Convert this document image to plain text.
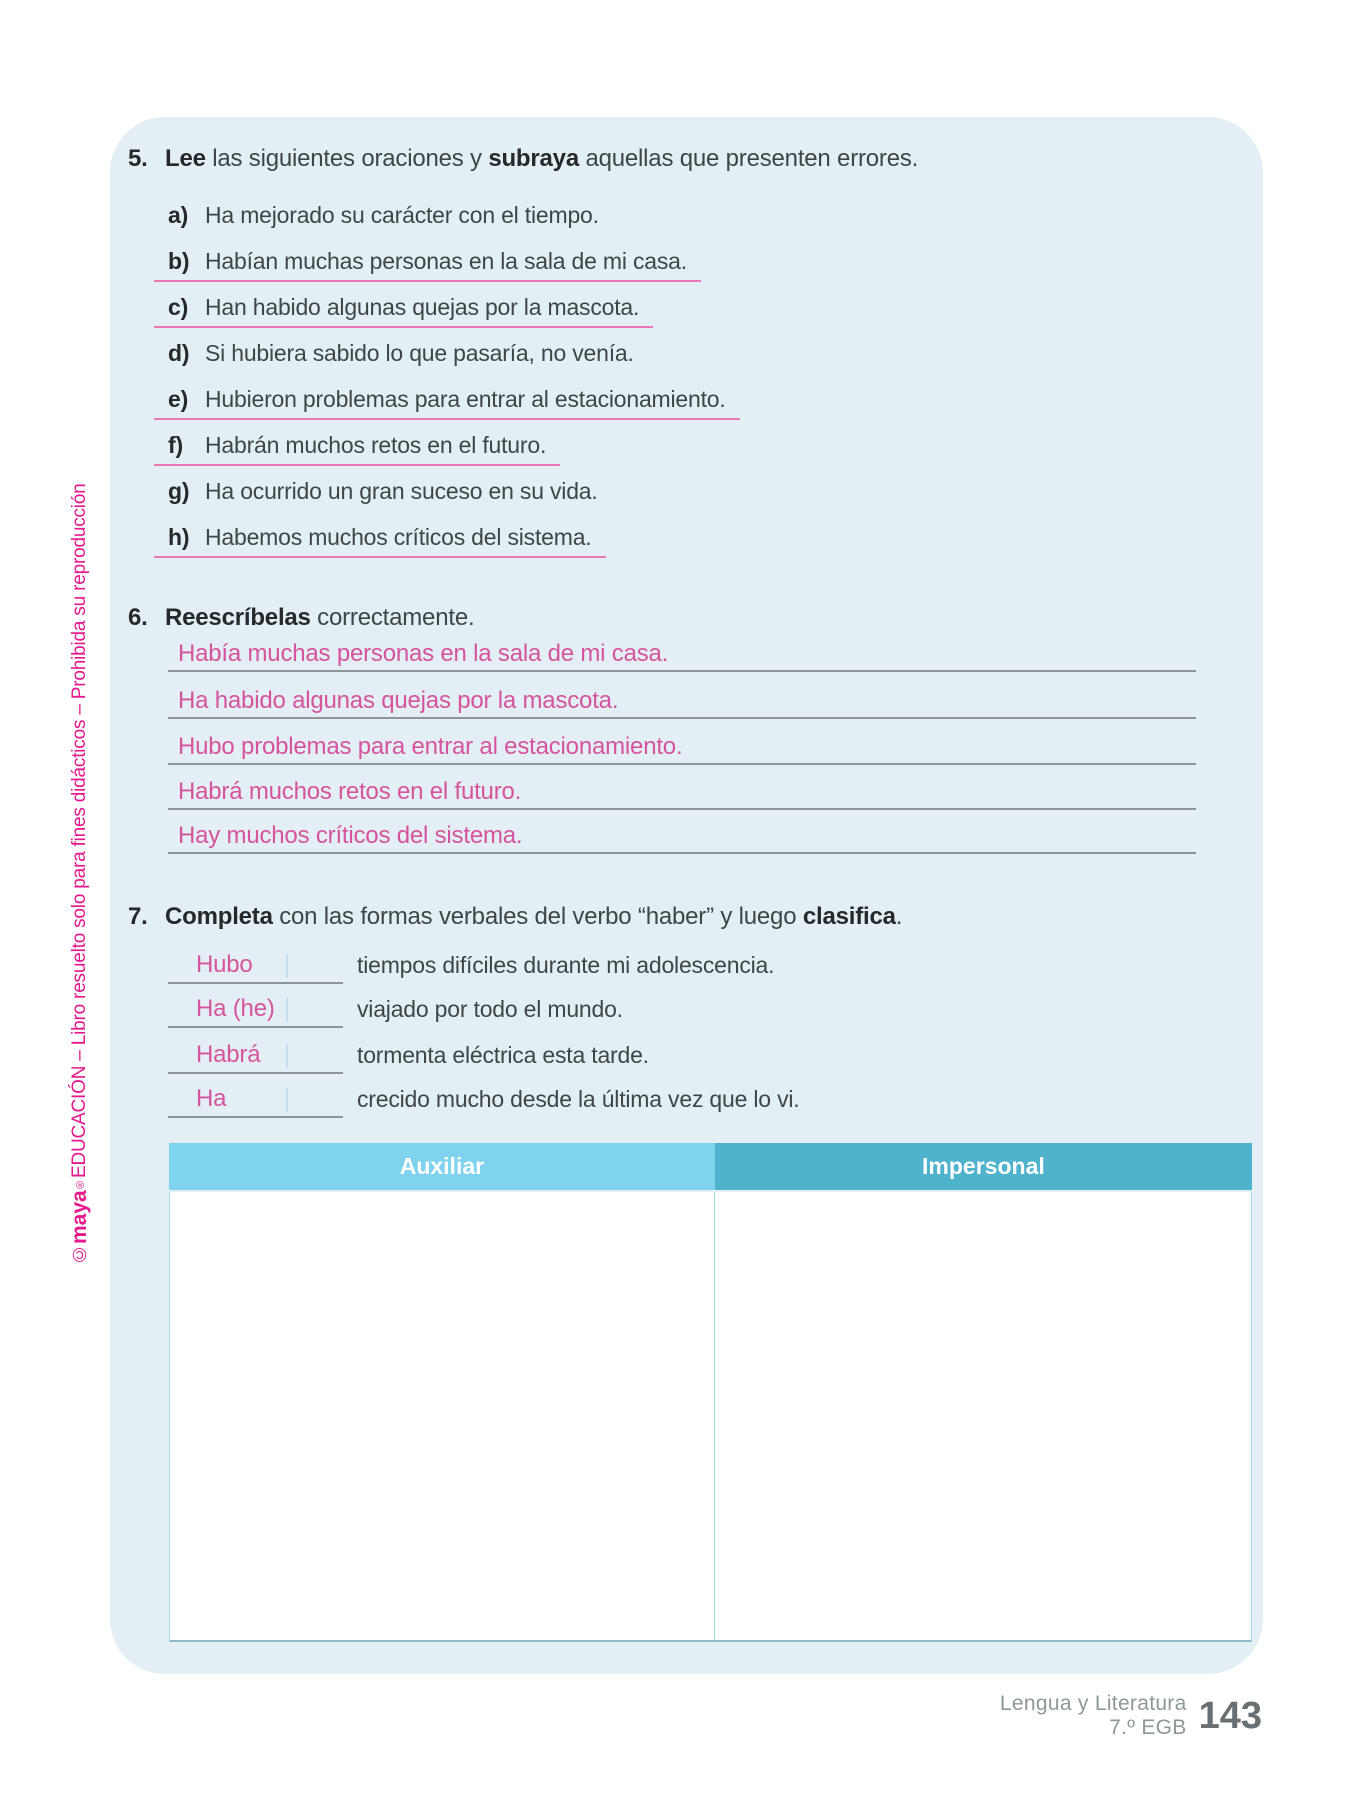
©
maya
®
EDUCACIÓN – Libro resuelto solo para fines didácticos – Prohibida su reproducción
5. Lee las siguientes oraciones y subraya aquellas que presenten errores.
a) Ha mejorado su carácter con el tiempo.
b) Habían muchas personas en la sala de mi casa.
c) Han habido algunas quejas por la mascota.
d) Si hubiera sabido lo que pasaría, no venía.
e) Hubieron problemas para entrar al estacionamiento.
f) Habrán muchos retos en el futuro.
g) Ha ocurrido un gran suceso en su vida.
h) Habemos muchos críticos del sistema.
6. Reescríbelas correctamente.
Había muchas personas en la sala de mi casa.
Ha habido algunas quejas por la mascota.
Hubo problemas para entrar al estacionamiento.
Habrá muchos retos en el futuro.
Hay muchos críticos del sistema.
7. Completa con las formas verbales del verbo “haber” y luego clasifica.
Hubo	tiempos difíciles durante mi adolescencia.
Ha (he)	viajado por todo el mundo.
Habrá	tormenta eléctrica esta tarde.
Ha	crecido mucho desde la última vez que lo vi.
Auxiliar	Impersonal
Lengua y Literatura
7.º EGB 143
